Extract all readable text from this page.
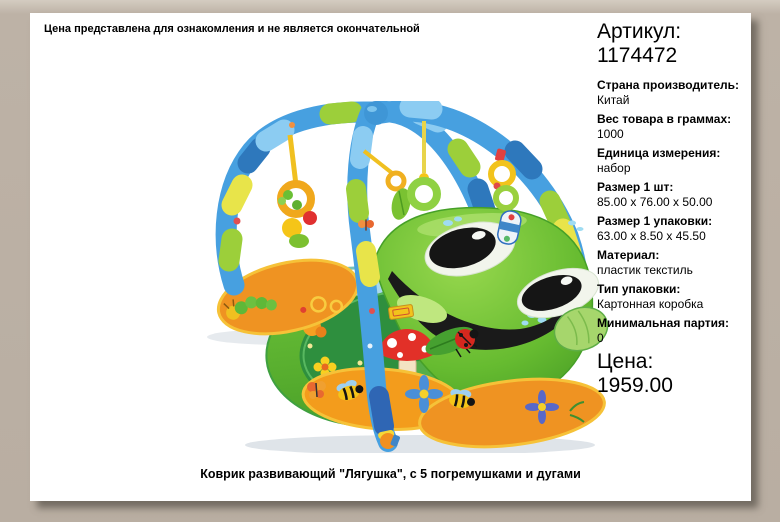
Цена представлена для ознакомления и не является окончательной	Артикул:
1174472
Страна производитель:
Китай
Вес товара в граммах:
1000
Единица измерения:
набор
Размер 1 шт:
85.00 x 76.00 x 50.00
Размер 1 упаковки:
63.00 x 8.50 x 45.50
Материал:
пластик текстиль
Тип упаковки:
Картонная коробка
Минимальная партия:
0
Цена:
1959.00
Коврик развивающий "Лягушка", с 5 погремушками и дугами
